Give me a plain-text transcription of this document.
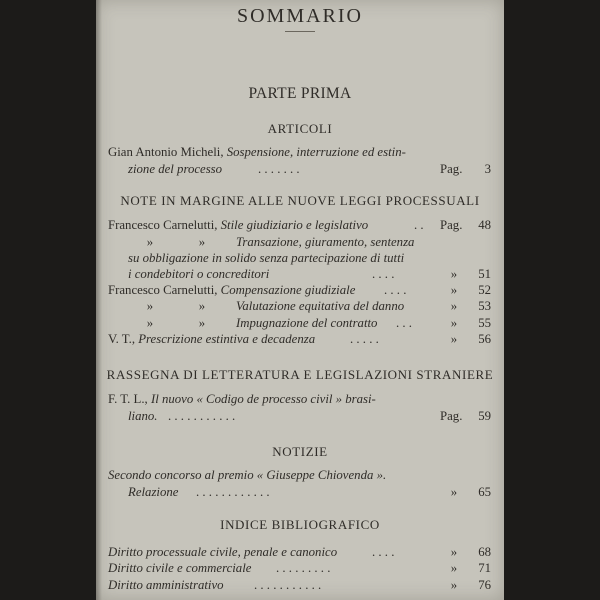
SOMMARIO
PARTE PRIMA
ARTICOLI
Gian Antonio Micheli, Sospensione, interruzione ed estin-
zione del processo	. . . . . . .	Pag.	3
NOTE IN MARGINE ALLE NUOVE LEGGI PROCESSUALI
Francesco Carnelutti, Stile giudiziario e legislativo	. . Pag.	48
»	»	Transazione, giuramento, sentenza
su obbligazione in solido senza partecipazione di tutti
i condebitori o concreditori	. . . .	»	51
Francesco Carnelutti, Compensazione giudiziale . . . .	»	52
»	»	Valutazione equitativa del danno	»	53
»	»	Impugnazione del contratto . . .	»	55
V. T., Prescrizione estintiva e decadenza	. . . . .	»	56
RASSEGNA DI LETTERATURA E LEGISLAZIONI STRANIERE
F. T. L., Il nuovo « Codigo de processo civil » brasi-
liano. . . . . . . . . . . .	Pag.	59
NOTIZIE
Secondo concorso al premio « Giuseppe Chiovenda ».
Relazione . . . . . . . . . . . .	»	65
INDICE BIBLIOGRAFICO
Diritto processuale civile, penale e canonico	. . . .	»	68
Diritto civile e commerciale . . . . . . . . .	»	71
Diritto amministrativo . . . . . . . . . . .	»	76
